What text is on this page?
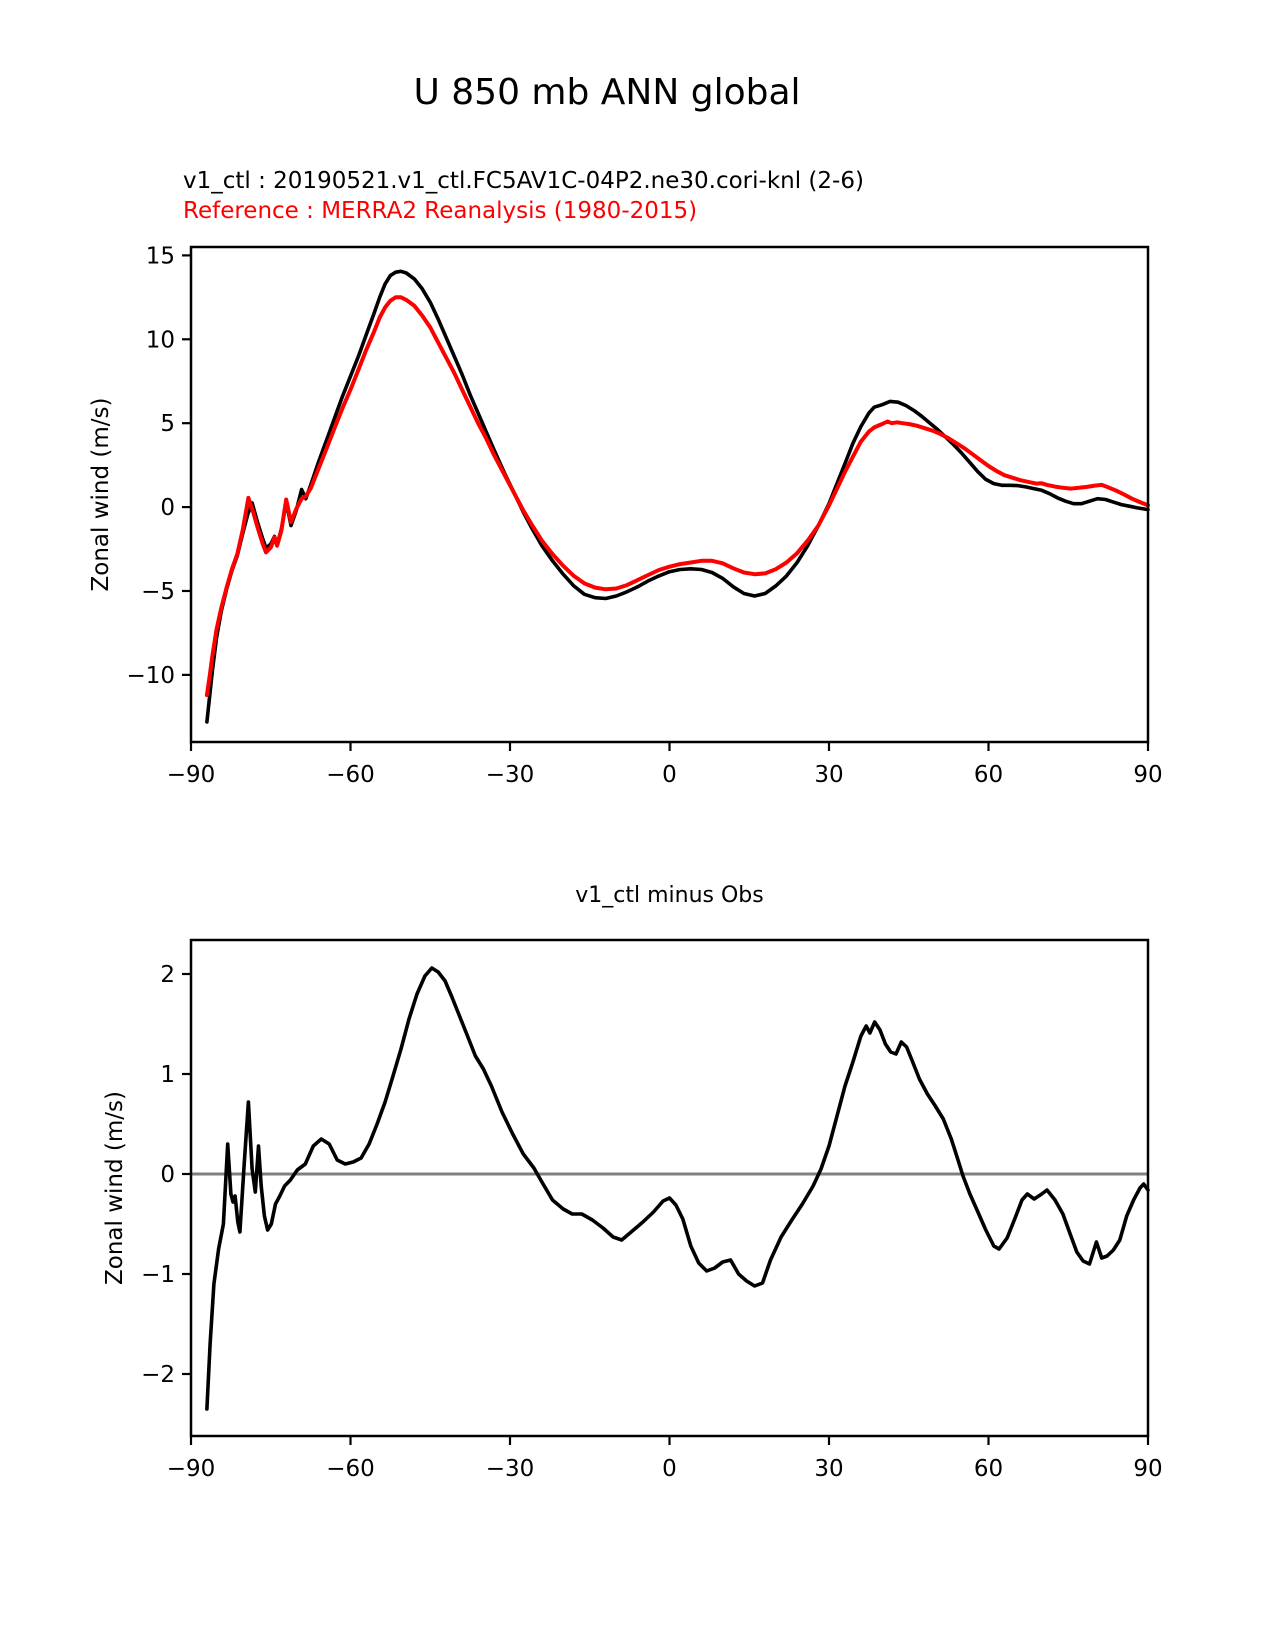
U 850 mb ANN global
v1_ctl : 20190521.v1_ctl.FC5AV1C-04P2.ne30.cori-knl (2-6)
Reference : MERRA2 Reanalysis (1980-2015)
−90	−60	−30	0	30	60	90
15
10
5
0
−5
−10
Zonal wind (m/s)
−90	−60	−30	0	30	60	90
2
1
0
−1
−2
Zonal wind (m/s)
v1_ctl minus Obs
